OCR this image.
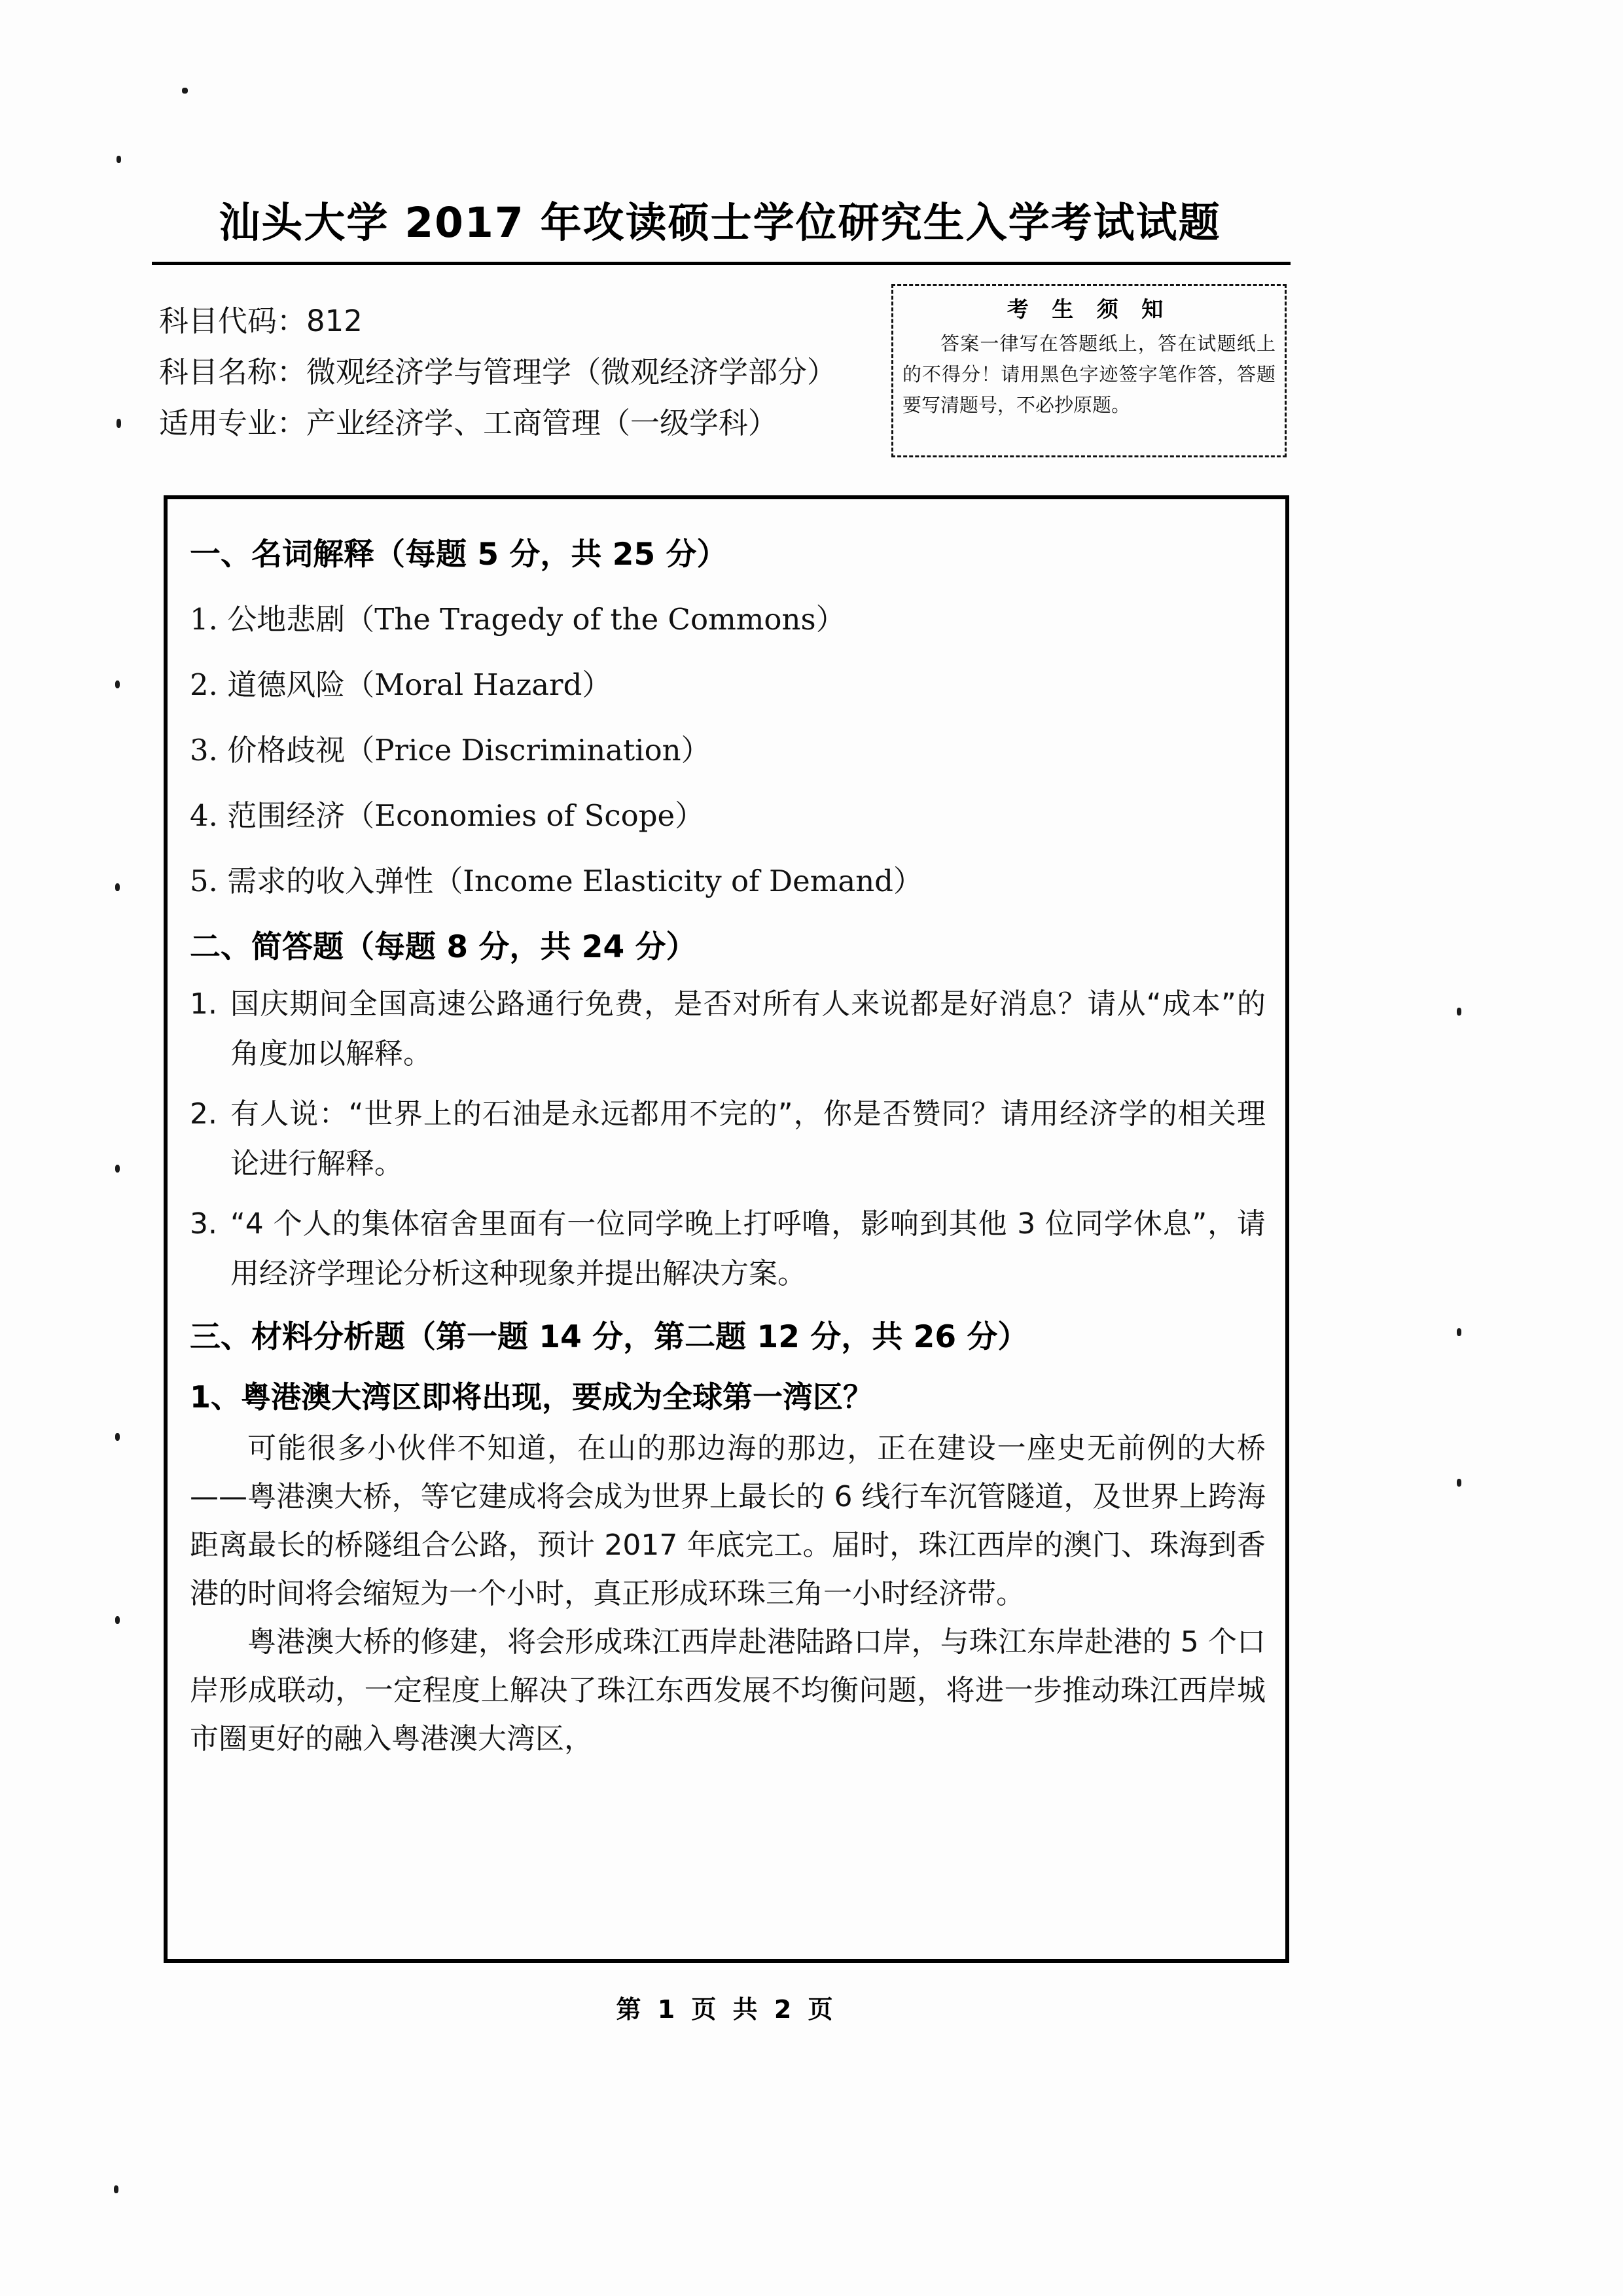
汕头大学 2017 年攻读硕士学位研究生入学考试试题
科目代码：812
科目名称：微观经济学与管理学（微观经济学部分）
适用专业：产业经济学、工商管理（一级学科）
考 生 须 知
答案一律写在答题纸上，答在试题纸上的不得分！请用黑色字迹签字笔作答，答题要写清题号，不必抄原题。
一、名词解释（每题 5 分，共 25 分）
1. 公地悲剧（The Tragedy of the Commons）
2. 道德风险（Moral Hazard）
3. 价格歧视（Price Discrimination）
4. 范围经济（Economies of Scope）
5. 需求的收入弹性（Income Elasticity of Demand）
二、简答题（每题 8 分，共 24 分）
1. 国庆期间全国高速公路通行免费，是否对所有人来说都是好消息？请从“成本”的角度加以解释。
2. 有人说：“世界上的石油是永远都用不完的”，你是否赞同？请用经济学的相关理论进行解释。
3. “4 个人的集体宿舍里面有一位同学晚上打呼噜，影响到其他 3 位同学休息”，请用经济学理论分析这种现象并提出解决方案。
三、材料分析题（第一题 14 分，第二题 12 分，共 26 分）
1、粤港澳大湾区即将出现，要成为全球第一湾区？

可能很多小伙伴不知道，在山的那边海的那边，正在建设一座史无前例的大桥——粤港澳大桥，等它建成将会成为世界上最长的 6 线行车沉管隧道，及世界上跨海距离最长的桥隧组合公路，预计 2017 年底完工。届时，珠江西岸的澳门、珠海到香港的时间将会缩短为一个小时，真正形成环珠三角一小时经济带。

粤港澳大桥的修建，将会形成珠江西岸赴港陆路口岸，与珠江东岸赴港的 5 个口岸形成联动，一定程度上解决了珠江东西发展不均衡问题，将进一步推动珠江西岸城市圈更好的融入粤港澳大湾区，

第 1 页 共 2 页
